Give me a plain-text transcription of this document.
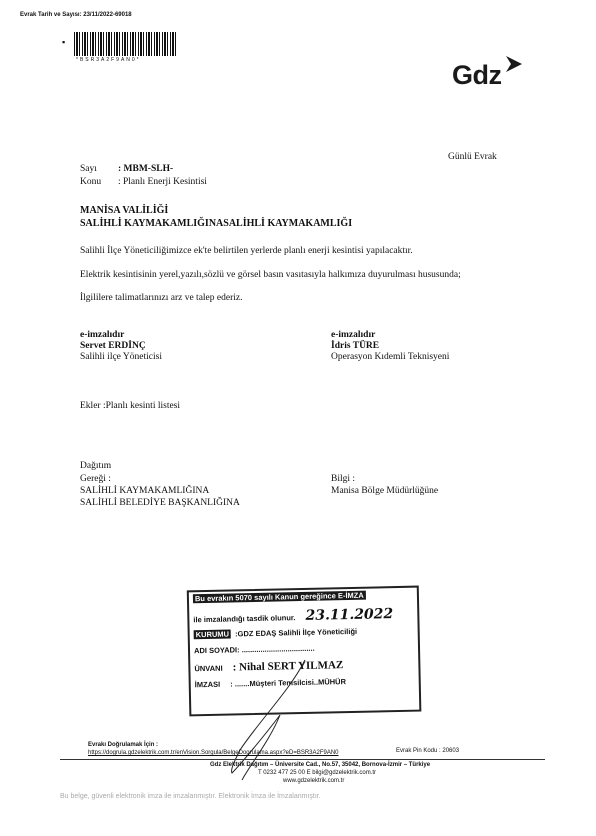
Evrak Tarih ve Sayısı: 23/11/2022-69018
▪
*BSR3A2F9AN0*	Gdz
Günlü Evrak
Sayı : MBM-SLH-
Konu : Planlı Enerji Kesintisi
MANİSA VALİLİĞİ
SALİHLİ KAYMAKAMLIĞINASALİHLİ KAYMAKAMLIĞI
Salihli İlçe Yöneticiliğimizce ek'te belirtilen yerlerde planlı enerji kesintisi yapılacaktır.
Elektrik kesintisinin yerel,yazılı,sözlü ve görsel basın vasıtasıyla halkımıza duyurulması hususunda;
İlgililere talimatlarınızı arz ve talep ederiz.
e-imzalıdır
Servet ERDİNÇ
Salihli ilçe Yöneticisi
e-imzalıdır
İdris TÜRE
Operasyon Kıdemli Teknisyeni
Ekler :Planlı kesinti listesi
Dağıtım
Gereği :
SALİHLİ KAYMAKAMLIĞINA
SALİHLİ BELEDİYE BAŞKANLIĞINA
Bilgi :
Manisa Bölge Müdürlüğüne
Bu evrakın 5070 sayılı Kanun gereğince E-İMZA
ile imzalandığı tasdik olunur. 23.11.2022
KURUMU :GDZ EDAŞ Salihli İlçe Yöneticiliği
ADI SOYADI: ...................................
ÜNVANI : Nihal SERT YILMAZ
İMZASI : .......Müşteri Temsilcisi..MÜHÜR
Evrakı Doğrulamak İçin :
https://dogrula.gdzelektrik.com.tr/enVision.Sorgula/BelgeDogrulama.aspx?eD=BSR3A2F9AN0	Evrak Pin Kodu : 20603
Gdz Elektrik Dağıtım – Üniversite Cad., No.57, 35042, Bornova-İzmir – Türkiye
T 0232 477 25 00 E bilgi@gdzelektrik.com.tr
www.gdzelektrik.com.tr
Bu belge, güvenli elektronik imza ile imzalanmıştır. Elektronik İmza ile İmzalanmıştır.
